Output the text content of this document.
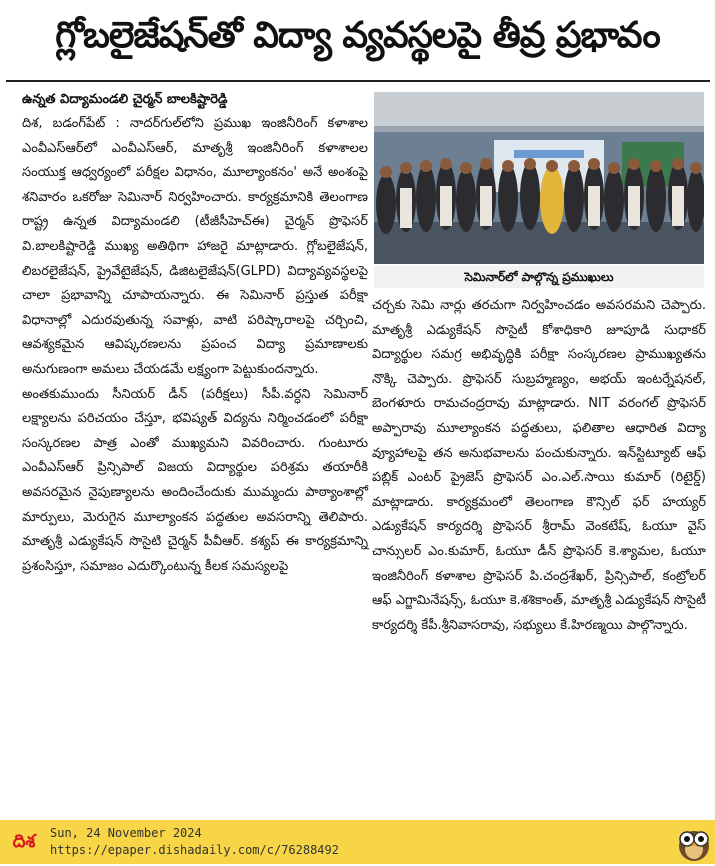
గ్లోబలైజేషన్‌తో విద్యా వ్యవస్థలపై తీవ్ర ప్రభావం
ఉన్నత విద్యామండలి చైర్మన్ బాలకిష్టారెడ్డి

దిశ, బడంగ్‌పేట్ : నాదర్‌గుల్‌లోని ప్రముఖ ఇంజినీరింగ్ కళాశాల ఎంవీఎస్ఆర్‌లో ఎంవీఎస్ఆర్, మాతృశ్రీ ఇంజినీరింగ్ కళాశాలల సంయుక్త ఆధ్వర్యంలో పరీక్షల విధానం, మూల్యాంకనం' అనే అంశంపై శనివారం ఒకరోజు సెమినార్ నిర్వహించారు. కార్యక్రమానికి తెలంగాణ రాష్ట్ర ఉన్నత విద్యామండలి (టీజీసీహెచ్ఈ) చైర్మన్ ప్రొఫెసర్ వి.బాలకిష్టారెడ్డి ముఖ్య అతిథిగా హాజరై మాట్లాడారు. గ్లోబలైజేషన్, లిబరలైజేషన్, ప్రైవేటైజేషన్, డిజిటలైజేషన్(GLPD) విద్యావ్యవస్థలపై చాలా ప్రభావాన్ని చూపాయన్నారు. ఈ సెమినార్ ప్రస్తుత పరీక్షా విధానాల్లో ఎదురవుతున్న సవాళ్లు, వాటి పరిష్కారాలపై చర్చించి, ఆవశ్యకమైన ఆవిష్కరణలను ప్రపంచ విద్యా ప్రమాణాలకు అనుగుణంగా అమలు చేయడమే లక్ష్యంగా పెట్టుకుందన్నారు.

అంతకుముందు సీనియర్ డీన్ (పరీక్షలు) సీపీ.వర్ధని సెమినార్ లక్ష్యాలను పరిచయం చేస్తూ, భవిష్యత్ విద్యను నిర్మించడంలో పరీక్షా సంస్కరణల పాత్ర ఎంతో ముఖ్యమని వివరించారు. గుంటూరు ఎంవీఎస్ఆర్ ప్రిన్సిపాల్ విజయ విద్యార్థుల పరిశ్రమ తయారీకి అవసరమైన నైపుణ్యాలను అందించేందుకు ముమ్మందు పాఠ్యాంశాల్లో మార్పులు, మెరుగైన మూల్యాంకన పద్ధతుల అవసరాన్ని తెలిపారు. మాతృశ్రీ ఎడ్యుకేషన్ సొసైటి చైర్మన్ పీవీఆర్. కశ్యప్ ఈ కార్యక్రమాన్ని ప్రశంసిస్తూ, సమాజం ఎదుర్కొంటున్న కీలక సమస్యలపై

సెమినార్‌లో పాల్గొన్న ప్రముఖులు

చర్చకు సెమి నార్లు తరచుగా నిర్వహించడం అవసరమని చెప్పారు. మాతృశ్రీ ఎడ్యుకేషన్ సొసైటీ కోశాధికారి జూపూడి సుధాకర్ విద్యార్థుల సమగ్ర అభివృద్ధికి పరీక్షా సంస్కరణల ప్రాముఖ్యతను నొక్కి చెప్పారు. ప్రొఫెసర్ సుబ్రహ్మణ్యం, అభయ్ ఇంటర్నేషనల్, బెంగళూరు రామచంద్రరావు మాట్లాడారు. NIT వరంగల్ ప్రొఫెసర్ అప్పారావు మూల్యాంకన పద్ధతులు, ఫలితాల ఆధారిత విద్యా వ్యూహాలపై తన అనుభవాలను పంచుకున్నారు. ఇన్‌స్టిట్యూట్ ఆఫ్ పబ్లిక్ ఎంటర్ ప్రైజెస్ ప్రొఫెసర్ ఎం.ఎల్.సాయి కుమార్ (రిటైర్డ్) మాట్లాడారు. కార్యక్రమంలో తెలంగాణ కౌన్సిల్ ఫర్ హయ్యర్ ఎడ్యుకేషన్ కార్యదర్శి ప్రొఫెసర్ శ్రీరామ్ వెంకటేష్, ఓయూ వైస్ చాన్సులర్ ఎం.కుమార్, ఓయూ డీన్ ప్రొఫెసర్ కె.శ్యామల, ఓయూ ఇంజినీరింగ్ కళాశాల ప్రొఫెసర్ పి.చంద్రశేఖర్, ప్రిన్సిపాల్, కంట్రోలర్ ఆఫ్ ఎగ్జామినేషన్స్, ఓయూ కె.శశికాంత్, మాతృశ్రీ ఎడ్యుకేషన్ సొసైటీ కార్యదర్శి కేపీ.శ్రీనివాసరావు, సభ్యులు కే.హిరణ్మయి పాల్గొన్నారు.

దిశ	Sun, 24 November 2024
https://epaper.dishadaily.com/c/76288492
